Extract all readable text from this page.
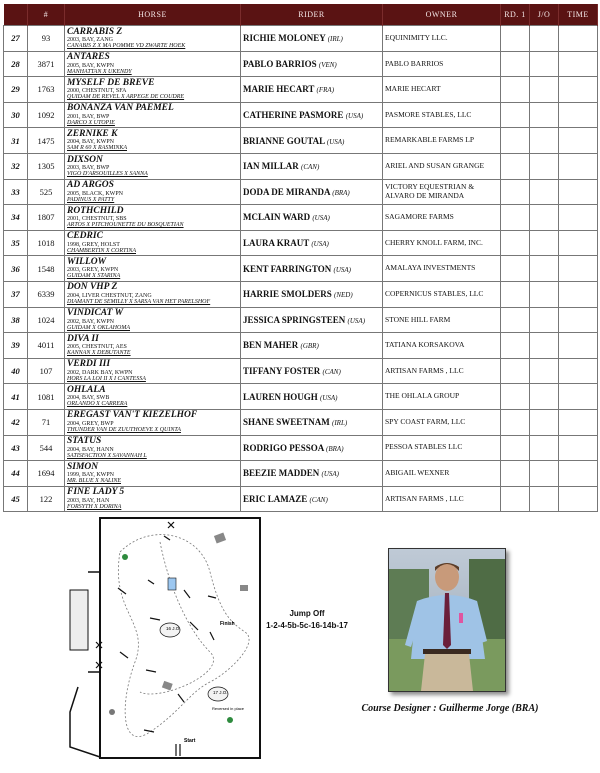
	#	HORSE	RIDER	OWNER	RD. 1	J/O	TIME
27	93	CARRABIS Z
2003, BAY, ZANG
CANABIS Z X MA POMME VD ZWARTE HOEK	RICHIE MOLONEY (IRL)	EQUINIMITY LLC.			
28	3871	ANTARES
2005, BAY, KWPN
MANHATTAN X UKENDY	PABLO BARRIOS (VEN)	PABLO BARRIOS			
29	1763	MYSELF DE BREVE
2000, CHESTNUT, SFA
QUIDAM DE REVEL X ARPEGE DE COUDRE	MARIE HECART (FRA)	MARIE HECART			
30	1092	BONANZA VAN PAEMEL
2001, BAY, BWP
DARCO X UTOPIE	CATHERINE PASMORE (USA)	PASMORE STABLES, LLC			
31	1475	ZERNIKE K
2004, BAY, KWPN
SAM R 60 X RASMINKA	BRIANNE GOUTAL (USA)	REMARKABLE FARMS LP			
32	1305	DIXSON
2003, BAY, BWP
VIGO D'ARSOUILLES X SANNA	IAN MILLAR (CAN)	ARIEL AND SUSAN GRANGE			
33	525	AD ARGOS
2005, BLACK, KWPN
PADINUS X PATTY	DODA DE MIRANDA (BRA)	VICTORY EQUESTRIAN & ALVARO DE MIRANDA			
34	1807	ROTHCHILD
2001, CHESTNUT, SBS
ARTOS X PITCHOUNETTE DU BOSQUETIAN	MCLAIN WARD (USA)	SAGAMORE FARMS			
35	1018	CEDRIC
1998, GREY, HOLST
CHAMBERTIN X CORTINA	LAURA KRAUT (USA)	CHERRY KNOLL FARM, INC.			
36	1548	WILLOW
2003, GREY, KWPN
GUIDAM X STARINA	KENT FARRINGTON (USA)	AMALAYA INVESTMENTS			
37	6339	DON VHP Z
2004, LIVER CHESTNUT, ZANG
DIAMANT DE SEMILLY X SARSA VAN HET PARELSHOF	HARRIE SMOLDERS (NED)	COPERNICUS STABLES, LLC			
38	1024	VINDICAT W
2002, BAY, KWPN
GUIDAM X OKLAHOMA	JESSICA SPRINGSTEEN (USA)	STONE HILL FARM			
39	4011	DIVA II
2005, CHESTNUT, AES
KANNAN X DEBUTANTE	BEN MAHER (GBR)	TATIANA KORSAKOVA			
40	107	VERDI III
2002, DARK BAY, KWPN
HORS LA LOI II X I CANTESSA	TIFFANY FOSTER (CAN)	ARTISAN FARMS , LLC			
41	1081	OHLALA
2004, BAY, SWB
ORLANDO X CARRERA	LAUREN HOUGH (USA)	THE OHLALA GROUP			
42	71	EREGAST VAN'T KIEZELHOF
2004, GREY, BWP
THUNDER VAN DE ZUUTHOEVE X QUINTA	SHANE SWEETNAM (IRL)	SPY COAST FARM, LLC			
43	544	STATUS
2004, BAY, HANN
SATISFACTION X SAVANNAH L	RODRIGO PESSOA (BRA)	PESSOA STABLES LLC			
44	1694	SIMON
1999, BAY, KWPN
MR. BLUE X NALINE	BEEZIE MADDEN (USA)	ABIGAIL WEXNER			
45	122	FINE LADY 5
2003, BAY, HAN
FORSYTH X DORINA	ERIC LAMAZE (CAN)	ARTISAN FARMS , LLC			
16 J.O.
17 J.O.
Finish
Start
Reversed in place
Jump Off
1-2-4-5b-5c-16-14b-17
Course Designer : Guilherme Jorge (BRA)
